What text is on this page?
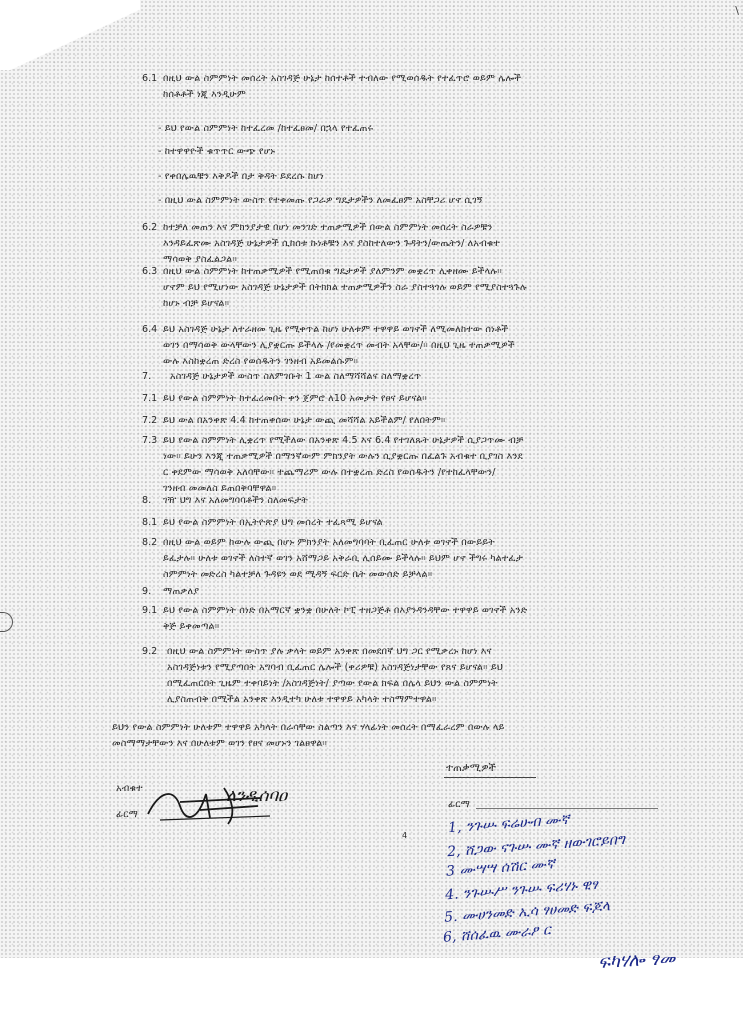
\
6.1 በዚህ ውል ስምምነት መሰረት አስገዳጅ ሁኔታ ከሰተቶች ተብለው የሚወሰዱት የተፈጥሮ ወይም ሌሎች
ከሰቶቶች ነጂ እንዲሁም
- ይህ የውል ስምምነት ከተፈረመ /ከተፈፀመ/ በኋላ የተፈጠሩ
- ከተዋዋዮች ቁጥጥር ውጭ የሆኑ
- የቀበሌዉቹን እቅዶች በታ ቅዳት ይደረሱ ከሆነ
- በዚህ ውል ስምምነት ውስጥ የተቀመጡ የጋራዎ ግዴታዎችን ለመፈፀም አስቸጋሪ ሆኖ ሲገኝ
6.2 ከተቻለ መጠን እና ምክንያታዊ በሆነ መንገድ ተጠቃሚዎች በውል ስምምነት መሰረት ስራዎቹን
እንዳይፈጽሙ አስገዳጅ ሁኔታዎች ሲከሰቱ ኩነቶቹን እና ያስከተለውን ጉዳትን/ውጤትን/ ለአብቁተ
ማሳወቅ ያስፈልጋል።
6.3 በዚህ ውል ስምምነት ከተጠቃሚዎች የሚጠበቁ ግዴታዎች ያለምንም መቋረጥ ሊቀዘሙ ይችላሉ።
ሆኖም ይህ የሚሆነው አስገዳጅ ሁኔታዎች በትክክል ተጠቃሚዎችን ስራ ያስተጓጎሉ ወይም የሚያስተጓጉሉ
ከሆኑ ብቻ ይሆናል።
6.4 ይህ አስገዳጅ ሁኔታ ለተራዘመ ጊዜ የሚቀጥል ከሆነ ሁለቱም ተዋዋይ ወገኖች ለሚመለከተው ሰነቶች
ወገን በማሳወቅ ውላቸውን ሊያቋርጡ ይችላሉ /የመቋረጥ መብት አላቸው/። በዚህ ጊዜ ተጠቃሚዎች
ውሉ እስከቋረጠ ድረስ የወሰዱትን ገንዘብ አይመልሱም።
7. አስገዳጅ ሁኔታዎች ውስጥ ስለምገቡት 1 ውል ስለማሻሻልና ስለማቋረጥ
7.1 ይህ የውል ስምምነት ከተፈረመበት ቀን ጀምሮ ለ10 አመታት የፀና ይሆናል።
7.2 ይህ ውል በአንቀጽ 4.4 ከተጠቀሰው ሁኔታ ውጪ መሻሻል አይችልም/ የለበትም።
7.3 ይህ የውል ስምምነት ሊቋረጥ የሚችለው በአንቀጽ 4.5 እና 6.4 የተገለጹት ሁኔታዎች ሲያጋጥሙ ብቻ
ነው። ይሁን እንጂ ተጠቃሚዎች በማንኛውም ምክንያት ውሉን ሲያቋርጡ በፈልጉ አብቁተ ቢያገስ እንደ
ር ቀደምው ማሳወቅ አለባቸው። ተጨማሪም ውሉ በተቋረጠ ድረስ የወሰዱትን /የተከፈላቸውን/
ገንዘብ መመለስ ይጠበቅባቸዋል።
8. ገዥ ህግ እና አለመግባባቶችን ስለመፍታት
8.1 ይህ የውል ስምምነት በኢትዮጵያ ህግ መሰረት ተፈጻሚ ይሆናል
8.2 በዚህ ውል ወይም ከውሉ ውጪ በሆኑ ምክንያት አለመግባባት ቢፈጠር ሁለቱ ወገኖች በውይይት
ይፈታሉ። ሁለቱ ወገኖች ለስተኛ ወገን አሸማጋይ አቅራቢ ሊሰይሙ ይችላሉ። ይህም ሆኖ ችግሩ ካልተፈታ
ስምምነት መድረስ ካልተቻለ ጉዳዩን ወደ ሚዳኝ ፍርድ ቤት መውሰድ ይቻላል።
9. ማጠቃለያ
9.1 ይህ የውል ስምምነት ሰነድ በአማርኛ ቋንቋ በሁለት ኮፒ ተዘጋጅቶ በእያንዳንዳቸው ተዋዋይ ወገኖች አንድ
ቅጅ ይቀመጣል።
9.2 በዚህ ውል ስምምነት ውስጥ ያሉ ቃላት ወይም አንቀጽ በመደበኛ ህግ ጋር የሚቃረኑ ከሆነ እና
አስገዳጅነቱን የሚያጣበት አግባብ ቢፈጠር ሌሎች (ቀሪዎቹ) አስገዳጅነታቸው የጸና ይሆናል። ይህ
በሚፈጠርበት ጊዜም ተቀባይነት /አስገዳጅነት/ ያጣው የውል ክፍል በሌላ ይህን ውል ስምምነት
ሊያስጠብቅ በሚችል አንቀጽ እንዲተካ ሁለቱ ተዋዋይ አካላት ተስማምተዋል።
ይህን የውል ስምምነት ሁለቱም ተዋዋይ አካላት በራሳቸው ስልጣን እና ሃላፊነት መሰረት በማፈራረም በውሉ ላይ
መስማማታቸውን እና በሁለቱም ወገን የፀና መሆኑን ገልፀዋል።
ተጠቃሚዎች
አብቁተ
ፊርማ
ለንዲሰባዐ	ፊርማ
4	1, ንጉሡ ፍሬሁብ ሙኛ
2, ሸጋው ናጉሡ ሙኛ ዘውገሮይበግ
3 ሙሣሣ ሰሽር ሙኛ
4. ንጉሡሥ ንጉሡ ፍሪሃኑ ዊፃ
5. ሙሀንመድ ኢሳ ፃሀመድ ፍጆላ
6, ሸሰፈዉ ሙራፆ ር
ፍካሃሎ ፃመ
